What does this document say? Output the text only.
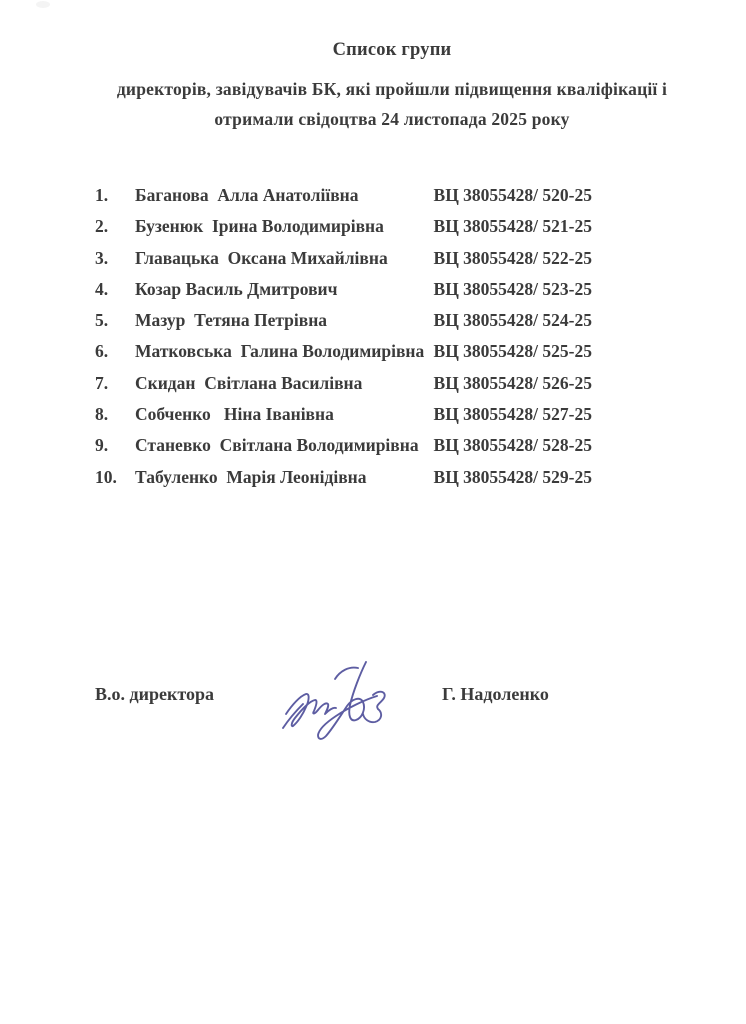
Список групи
директорів, завідувачів БК, які пройшли підвищення кваліфікації і
отримали свідоцтва 24 листопада 2025 року
1.	Баганова  Алла Анатоліївна	ВЦ 38055428/ 520-25
2.	Бузенюк  Ірина Володимирівна	ВЦ 38055428/ 521-25
3.	Главацька  Оксана Михайлівна	ВЦ 38055428/ 522-25
4.	Козар Василь Дмитрович	ВЦ 38055428/ 523-25
5.	Мазур  Тетяна Петрівна	ВЦ 38055428/ 524-25
6.	Матковська  Галина Володимирівна ВЦ 38055428/ 525-25
7.	Скидан  Світлана Василівна	ВЦ 38055428/ 526-25
8.	Собченко   Ніна Іванівна	ВЦ 38055428/ 527-25
9.	Станевко  Світлана Володимирівна ВЦ 38055428/ 528-25
10.	Табуленко  Марія Леонідівна	ВЦ 38055428/ 529-25
В.о. директора	Г. Надоленко
